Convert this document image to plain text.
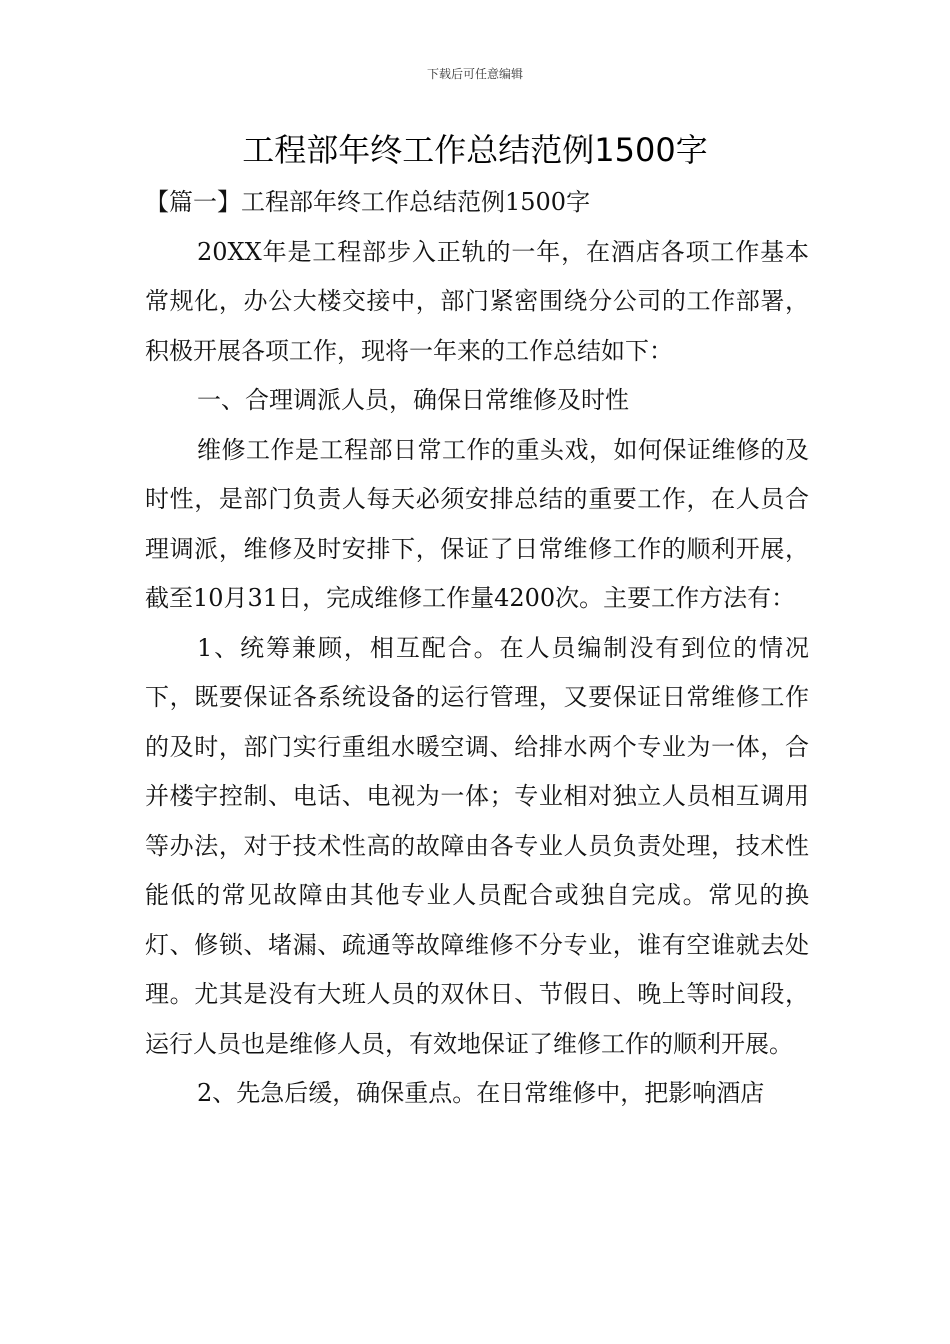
下载后可任意编辑
工程部年终工作总结范例1500字

【篇一】工程部年终工作总结范例1500字

20XX年是工程部步入正轨的一年，在酒店各项工作基本常规化，办公大楼交接中，部门紧密围绕分公司的工作部署，积极开展各项工作，现将一年来的工作总结如下：

一、合理调派人员，确保日常维修及时性

维修工作是工程部日常工作的重头戏，如何保证维修的及时性，是部门负责人每天必须安排总结的重要工作，在人员合理调派，维修及时安排下，保证了日常维修工作的顺利开展，截至10月31日，完成维修工作量4200次。主要工作方法有：

1、统筹兼顾，相互配合。在人员编制没有到位的情况下，既要保证各系统设备的运行管理，又要保证日常维修工作的及时，部门实行重组水暖空调、给排水两个专业为一体，合并楼宇控制、电话、电视为一体；专业相对独立人员相互调用等办法，对于技术性高的故障由各专业人员负责处理，技术性能低的常见故障由其他专业人员配合或独自完成。常见的换灯、修锁、堵漏、疏通等故障维修不分专业，谁有空谁就去处理。尤其是没有大班人员的双休日、节假日、晚上等时间段，运行人员也是维修人员，有效地保证了维修工作的顺利开展。

2、先急后缓，确保重点。在日常维修中，把影响酒店
